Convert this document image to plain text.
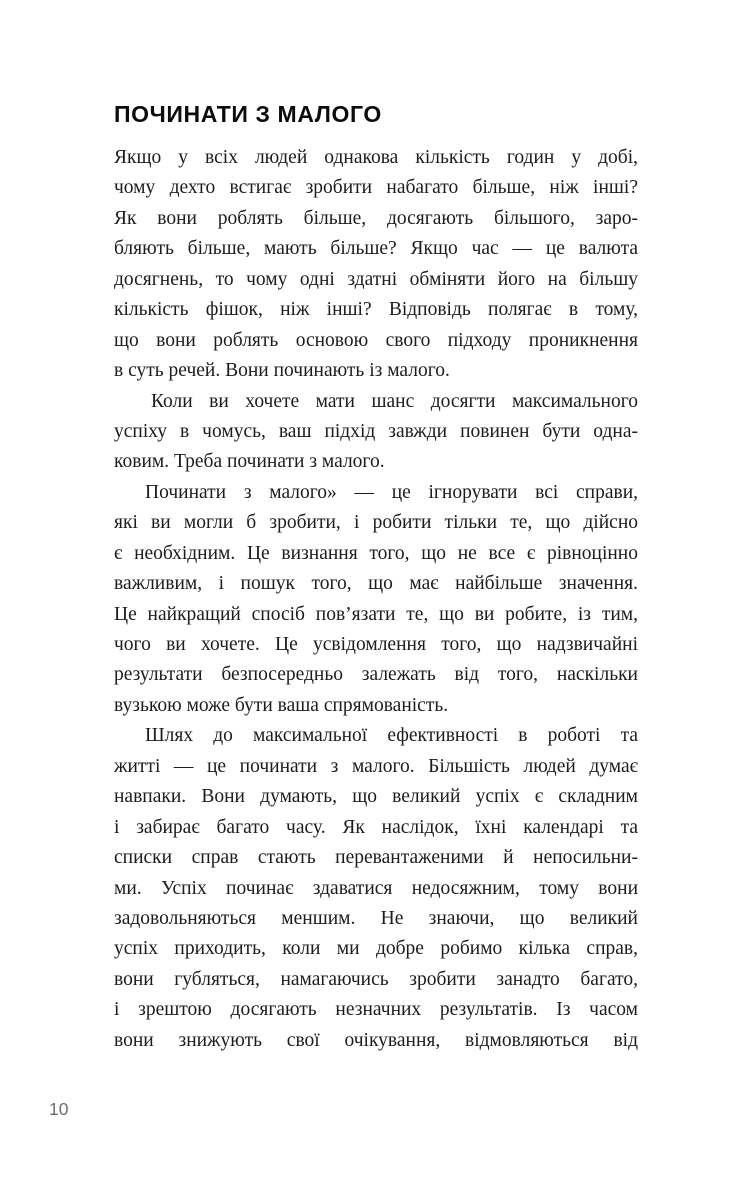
ПОЧИНАТИ З МАЛОГО
Якщо у всіх людей однакова кількість годин у добі,
чому дехто встигає зробити набагато більше, ніж інші?
Як вони роблять більше, досягають більшого, заро-
бляють більше, мають більше? Якщо час — це валюта
досягнень, то чому одні здатні обміняти його на більшу
кількість фішок, ніж інші? Відповідь полягає в тому,
що вони роблять основою свого підходу проникнення
в суть речей. Вони починають із малого.
Коли ви хочете мати шанс досягти максимального
успіху в чомусь, ваш підхід завжди повинен бути одна-
ковим. Треба починати з малого.
Починати з малого» — це ігнорувати всі справи,
які ви могли б зробити, і робити тільки те, що дійсно
є необхідним. Це визнання того, що не все є рівноцінно
важливим, і пошук того, що має найбільше значення.
Це найкращий спосіб пов’язати те, що ви робите, із тим,
чого ви хочете. Це усвідомлення того, що надзвичайні
результати безпосередньо залежать від того, наскільки
вузькою може бути ваша спрямованість.
Шлях до максимальної ефективності в роботі та
житті — це починати з малого. Більшість людей думає
навпаки. Вони думають, що великий успіх є складним
і забирає багато часу. Як наслідок, їхні календарі та
списки справ стають перевантаженими й непосильни-
ми. Успіх починає здаватися недосяжним, тому вони
задовольняються меншим. Не знаючи, що великий
успіх приходить, коли ми добре робимо кілька справ,
вони губляться, намагаючись зробити занадто багато,
і зрештою досягають незначних результатів. Із часом
вони знижують свої очікування, відмовляються від
10
